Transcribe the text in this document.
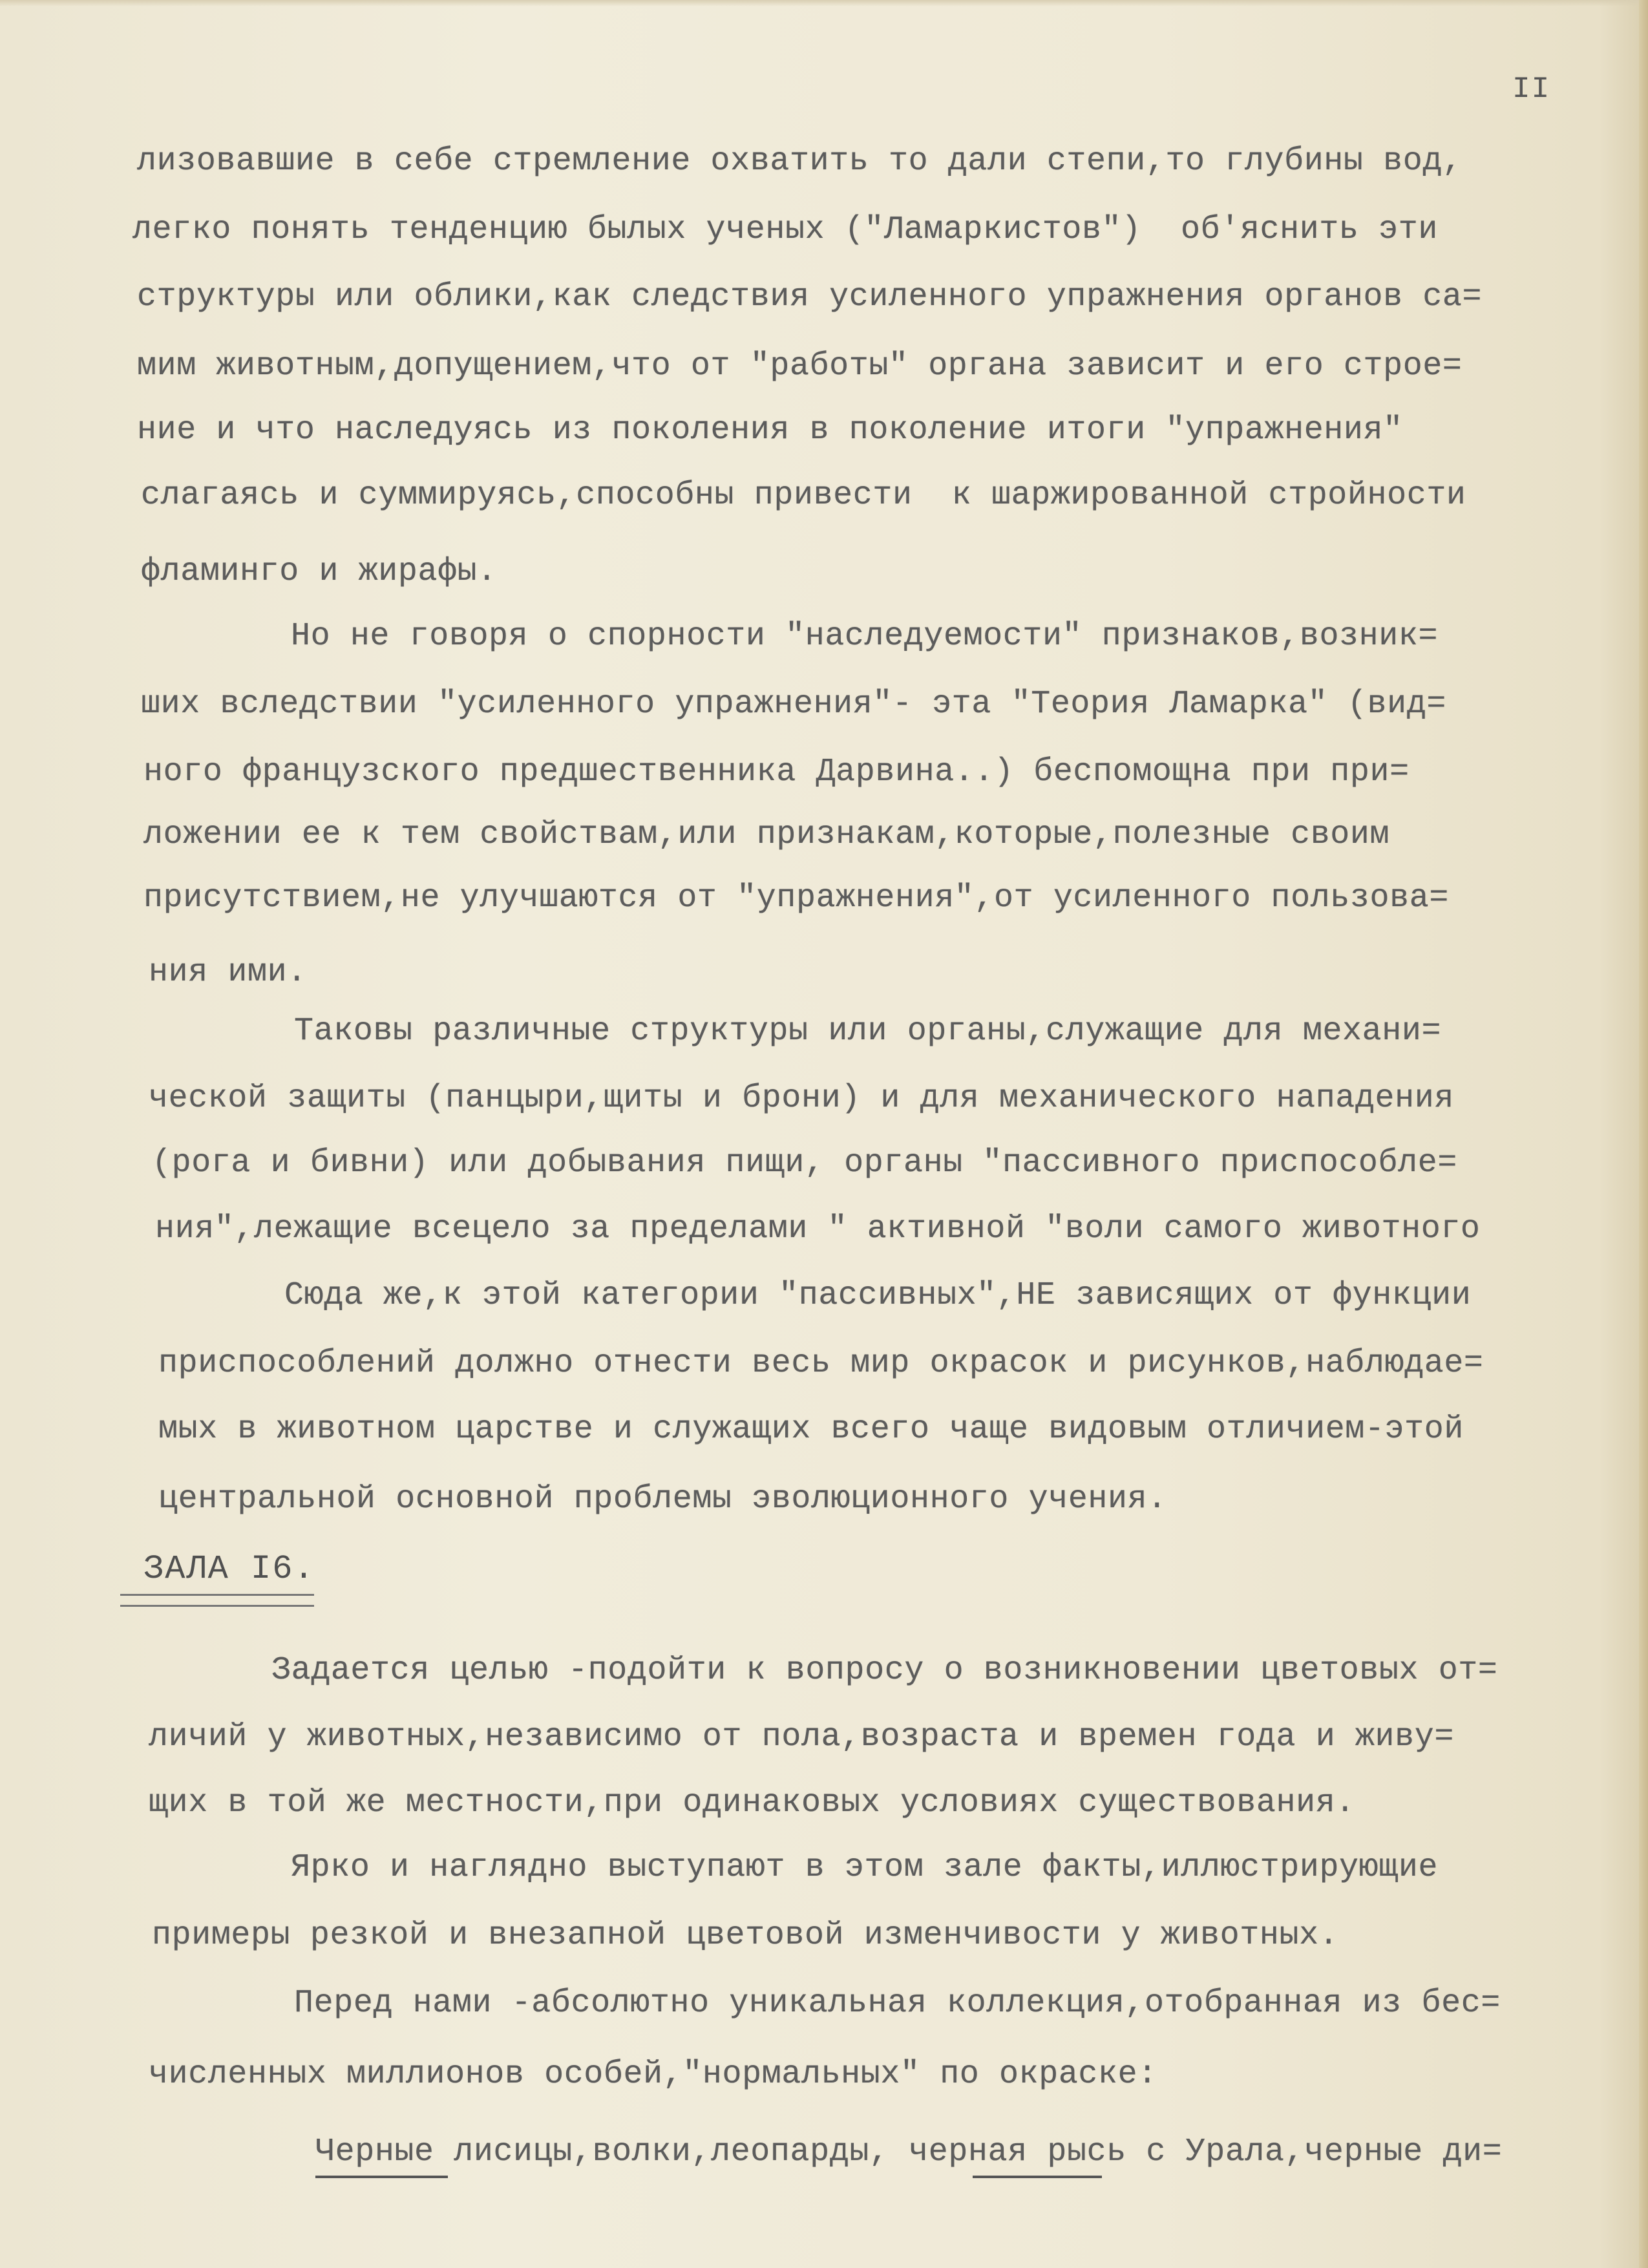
II
лизовавшие в себе стремление охватить то дали степи,то глубины вод,
легко понять тенденцию былых ученых ("Ламаркистов")  об'яснить эти
структуры или облики,как следствия усиленного упражнения органов са=
мим животным,допущением,что от "работы" органа зависит и его строе=
ние и что наследуясь из поколения в поколение итоги "упражнения"
слагаясь и суммируясь,способны привести  к шаржированной стройности
фламинго и жирафы.
Но не говоря о спорности "наследуемости" признаков,возник=
ших вследствии "усиленного упражнения"- эта "Теория Ламарка" (вид=
ного французского предшественника Дарвина..) беспомощна при при=
ложении ее к тем свойствам,или признакам,которые,полезные своим
присутствием,не улучшаются от "упражнения",от усиленного пользова=
ния ими.
Таковы различные структуры или органы,служащие для механи=
ческой защиты (панцыри,щиты и брони) и для механического нападения
(рога и бивни) или добывания пищи, органы "пассивного приспособле=
ния",лежащие всецело за пределами " активной "воли самого животного
Сюда же,к этой категории "пассивных",НЕ зависящих от функции
приспособлений должно отнести весь мир окрасок и рисунков,наблюдае=
мых в животном царстве и служащих всего чаще видовым отличием-этой
центральной основной проблемы эволюционного учения.
ЗАЛА I6.
Задается целью -подойти к вопросу о возникновении цветовых от=
личий у животных,независимо от пола,возраста и времен года и живу=
щих в той же местности,при одинаковых условиях существования.
Ярко и наглядно выступают в этом зале факты,иллюстрирующие
примеры резкой и внезапной цветовой изменчивости у животных.
Перед нами -абсолютно уникальная коллекция,отобранная из бес=
численных миллионов особей,"нормальных" по окраске:
Черные лисицы,волки,леопарды, черная рысь с Урала,черные ди=
